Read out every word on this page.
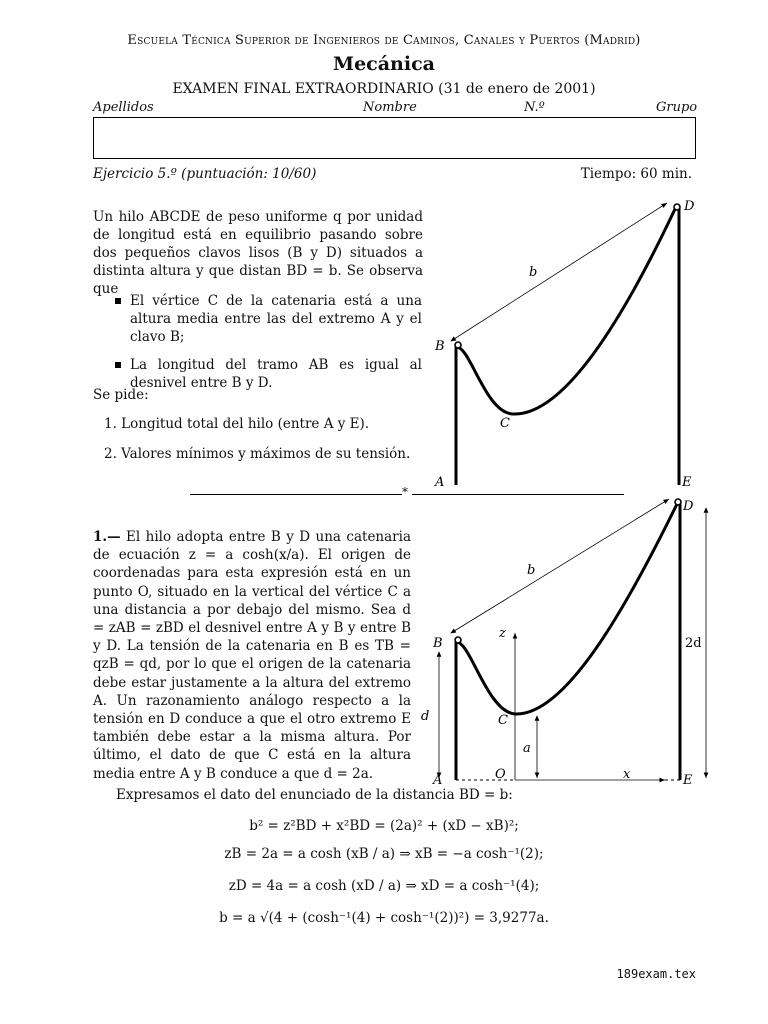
Escuela Técnica Superior de Ingenieros de Caminos, Canales y Puertos (Madrid)
Mecánica
EXAMEN FINAL EXTRAORDINARIO (31 de enero de 2001)
Apellidos	Nombre	N.º	Grupo
Ejercicio 5.º (puntuación: 10/60)	Tiempo: 60 min.
Un hilo ABCDE de peso uniforme q por unidad de longitud está en equilibrio pasando sobre dos pequeños clavos lisos (B y D) situados a distinta altura y que distan BD = b. Se observa que
El vértice C de la catenaria está a una altura media entre las del extremo A y el clavo B;
La longitud del tramo AB es igual al desnivel entre B y D.
Se pide:
1. Longitud total del hilo (entre A y E).
2. Valores mínimos y máximos de su tensión.
D
b
B
C
A	E
*
1.— El hilo adopta entre B y D una catenaria de ecuación z = a cosh(x/a). El origen de coordenadas para esta expresión está en un punto O, situado en la vertical del vértice C a una distancia a por debajo del mismo. Sea d = zAB = zBD el desnivel entre A y B y entre B y D. La tensión de la catenaria en B es TB = qzB = qd, por lo que el origen de la catenaria debe estar justamente a la altura del extremo A. Un razonamiento análogo respecto a la tensión en D conduce a que el otro extremo E también debe estar a la misma altura. Por último, el dato de que C está en la altura media entre A y B conduce a que d = 2a.
D
b
B
z
2d
d	C
a
A	O	x	E
Expresamos el dato del enunciado de la distancia BD = b:
b² = z²BD + x²BD = (2a)² + (xD − xB)²;
zB = 2a = a cosh (xB / a) ⇒ xB = −a cosh⁻¹(2);
zD = 4a = a cosh (xD / a) ⇒ xD = a cosh⁻¹(4);
b = a √(4 + (cosh⁻¹(4) + cosh⁻¹(2))²) = 3,9277a.
189exam.tex
